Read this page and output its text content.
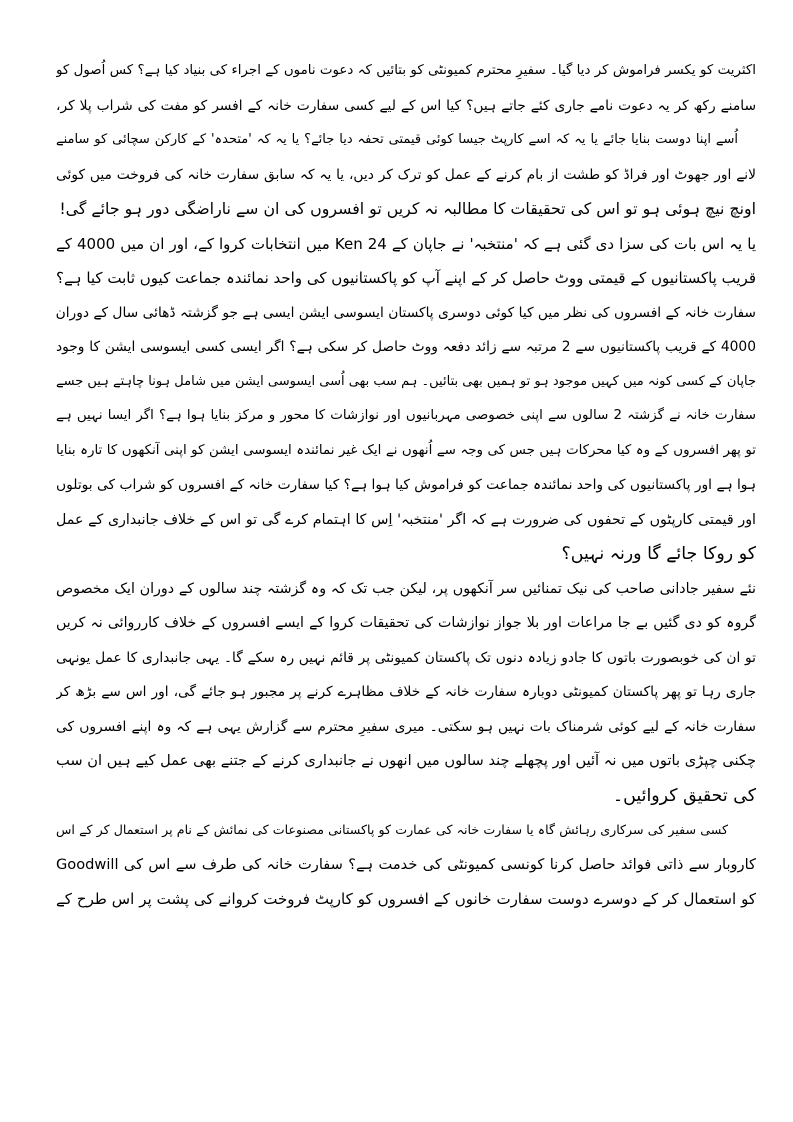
اکثریت کو یکسر فراموش کر دیا گیا۔ سفیرِ محترم کمیونٹی کو بتائیں کہ دعوت ناموں کے اجراء کی بنیاد کیا ہے؟ کس اُصول کو
سامنے رکھ کر یہ دعوت نامے جاری کئے جاتے ہیں؟ کیا اس کے لیے کسی سفارت خانہ کے افسر کو مفت کی شراب پلا کر،
اُسے اپنا دوست بنایا جائے یا یہ کہ اسے کارپٹ جیسا کوئی قیمتی تحفہ دیا جائے؟ یا یہ کہ 'متحدہ' کے کارکن سچائی کو سامنے
لانے اور جھوٹ اور فراڈ کو طشت از بام کرنے کے عمل کو ترک کر دیں، یا یہ کہ سابق سفارت خانہ کی فروخت میں کوئی
اونچ نیچ ہوئی ہو تو اس کی تحقیقات کا مطالبہ نہ کریں تو افسروں کی ان سے ناراضگی دور ہو جائے گی!
یا یہ اس بات کی سزا دی گئی ہے کہ 'منتخبہ' نے جاپان کے Ken 24 میں انتخابات کروا کے، اور ان میں 4000 کے
قریب پاکستانیوں کے قیمتی ووٹ حاصل کر کے اپنے آپ کو پاکستانیوں کی واحد نمائندہ جماعت کیوں ثابت کیا ہے؟
سفارت خانہ کے افسروں کی نظر میں کیا کوئی دوسری پاکستان ایسوسی ایشن ایسی ہے جو گزشتہ ڈھائی سال کے دوران
4000 کے قریب پاکستانیوں سے 2 مرتبہ سے زائد دفعہ ووٹ حاصل کر سکی ہے؟ اگر ایسی کسی ایسوسی ایشن کا وجود
جاپان کے کسی کونہ میں کہیں موجود ہو تو ہمیں بھی بتائیں۔ ہم سب بھی اُسی ایسوسی ایشن میں شامل ہونا چاہتے ہیں جسے
سفارت خانہ نے گزشتہ 2 سالوں سے اپنی خصوصی مہربانیوں اور نوازشات کا محور و مرکز بنایا ہوا ہے؟ اگر ایسا نہیں ہے
تو پھر افسروں کے وہ کیا محرکات ہیں جس کی وجہ سے اُنھوں نے ایک غیر نمائندہ ایسوسی ایشن کو اپنی آنکھوں کا تارہ بنایا
ہوا ہے اور پاکستانیوں کی واحد نمائندہ جماعت کو فراموش کیا ہوا ہے؟ کیا سفارت خانہ کے افسروں کو شراب کی بوتلوں
اور قیمتی کارپٹوں کے تحفوں کی ضرورت ہے کہ اگر 'منتخبہ' اِس کا اہتمام کرے گی تو اس کے خلاف جانبداری کے عمل
کو روکا جائے گا ورنہ نہیں؟
نئے سفیر جادانی صاحب کی نیک تمنائیں سر آنکھوں پر، لیکن جب تک کہ وہ گزشتہ چند سالوں کے دوران ایک مخصوص
گروہ کو دی گئیں بے جا مراعات اور بلا جواز نوازشات کی تحقیقات کروا کے ایسے افسروں کے خلاف کارروائی نہ کریں
تو ان کی خوبصورت باتوں کا جادو زیادہ دنوں تک پاکستان کمیونٹی پر قائم نہیں رہ سکے گا۔ یہی جانبداری کا عمل یونہی
جاری رہا تو پھر پاکستان کمیونٹی دوبارہ سفارت خانہ کے خلاف مظاہرے کرنے پر مجبور ہو جائے گی، اور اس سے بڑھ کر
سفارت خانہ کے لیے کوئی شرمناک بات نہیں ہو سکتی۔ میری سفیرِ محترم سے گزارش یہی ہے کہ وہ اپنے افسروں کی
چکنی چپڑی باتوں میں نہ آئیں اور پچھلے چند سالوں میں انھوں نے جانبداری کرنے کے جتنے بھی عمل کیے ہیں ان سب
کی تحقیق کروائیں۔
کسی سفیر کی سرکاری رہائش گاہ یا سفارت خانہ کی عمارت کو پاکستانی مصنوعات کی نمائش کے نام پر استعمال کر کے اس
کاروبار سے ذاتی فوائد حاصل کرنا کونسی کمیونٹی کی خدمت ہے؟ سفارت خانہ کی طرف سے اس کی Goodwill
کو استعمال کر کے دوسرے دوست سفارت خانوں کے افسروں کو کارپٹ فروخت کروانے کی پشت پر اس طرح کے
